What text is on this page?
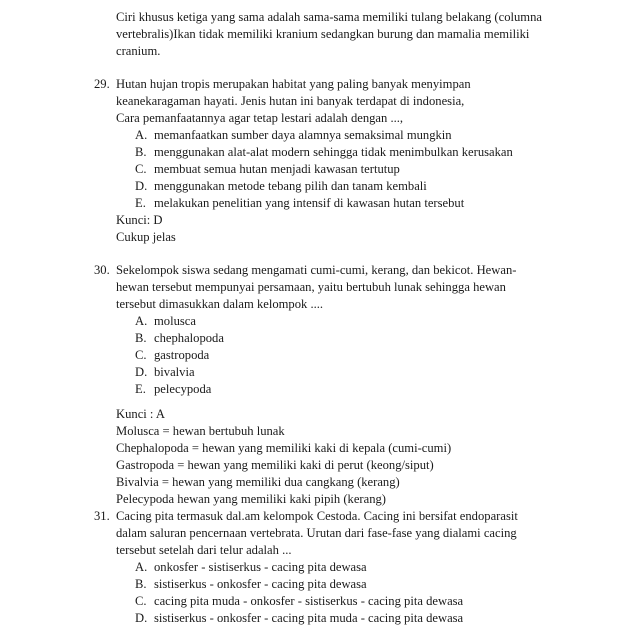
Ciri khusus ketiga yang sama adalah sama-sama memiliki tulang belakang (columna
vertebralis)Ikan tidak memiliki kranium sedangkan burung dan mamalia memiliki
cranium.
29. Hutan hujan tropis merupakan habitat yang paling banyak menyimpan
keanekaragaman hayati. Jenis hutan ini banyak terdapat di indonesia,
Cara pemanfaatannya agar tetap lestari adalah dengan ...,
A. memanfaatkan sumber daya alamnya semaksimal mungkin
B. menggunakan alat-alat modern sehingga tidak menimbulkan kerusakan
C. membuat semua hutan menjadi kawasan tertutup
D. menggunakan metode tebang pilih dan tanam kembali
E. melakukan penelitian yang intensif di kawasan hutan tersebut
Kunci: D
Cukup jelas
30. Sekelompok siswa sedang mengamati cumi-cumi, kerang, dan bekicot. Hewan-
hewan tersebut mempunyai persamaan, yaitu bertubuh lunak sehingga hewan
tersebut dimasukkan dalam kelompok ....
A. molusca
B. chephalopoda
C. gastropoda
D. bivalvia
E. pelecypoda
Kunci : A
Molusca = hewan bertubuh lunak
Chephalopoda = hewan yang memiliki kaki di kepala (cumi-cumi)
Gastropoda = hewan yang memiliki kaki di perut (keong/siput)
Bivalvia = hewan yang memiliki dua cangkang (kerang)
Pelecypoda hewan yang memiliki kaki pipih (kerang)
31. Cacing pita termasuk dal.am kelompok Cestoda. Cacing ini bersifat endoparasit
dalam saluran pencernaan vertebrata. Urutan dari fase-fase yang dialami cacing
tersebut setelah dari telur adalah ...
A. onkosfer - sistiserkus - cacing pita dewasa
B. sistiserkus - onkosfer - cacing pita dewasa
C. cacing pita muda - onkosfer - sistiserkus - cacing pita dewasa
D. sistiserkus - onkosfer - cacing pita muda - cacing pita dewasa
